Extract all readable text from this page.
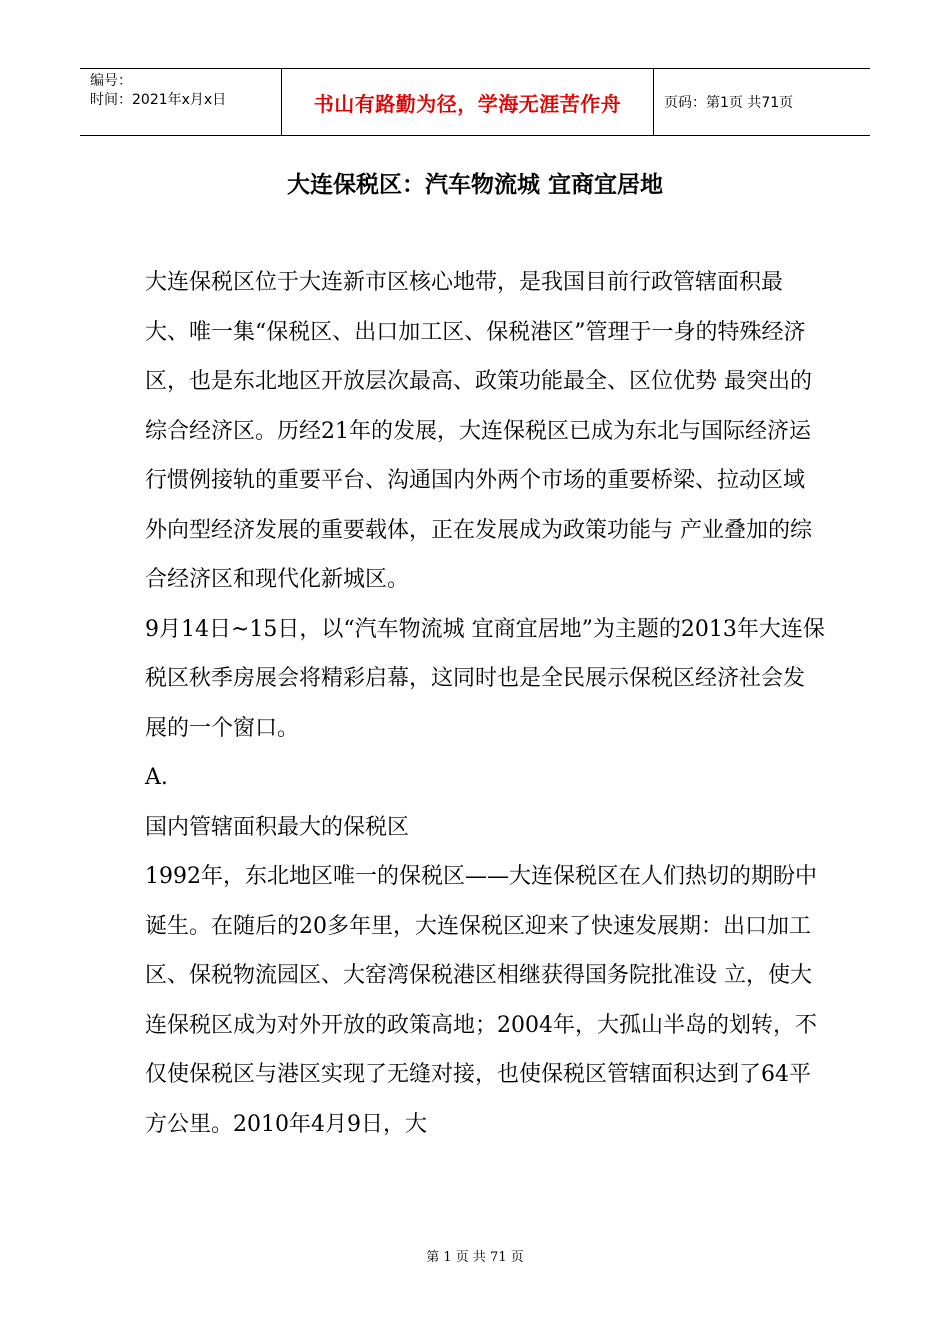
编号：
时间：2021年x月x日	书山有路勤为径，学海无涯苦作舟	页码：第1页 共71页
大连保税区：汽车物流城 宜商宜居地

大连保税区位于大连新市区核心地带，是我国目前行政管辖面积最大、唯一集“保税区、出口加工区、保税港区”管理于一身的特殊经济区，也是东北地区开放层次最高、政策功能最全、区位优势 最突出的综合经济区。历经21年的发展，大连保税区已成为东北与国际经济运行惯例接轨的重要平台、沟通国内外两个市场的重要桥梁、拉动区域外向型经济发展的重要载体，正在发展成为政策功能与 产业叠加的综合经济区和现代化新城区。

9月14日~15日，以“汽车物流城 宜商宜居地”为主题的2013年大连保税区秋季房展会将精彩启幕，这同时也是全民展示保税区经济社会发展的一个窗口。

A.

国内管辖面积最大的保税区

1992年，东北地区唯一的保税区——大连保税区在人们热切的期盼中诞生。在随后的20多年里，大连保税区迎来了快速发展期：出口加工区、保税物流园区、大窑湾保税港区相继获得国务院批准设 立，使大连保税区成为对外开放的政策高地；2004年，大孤山半岛的划转，不仅使保税区与港区实现了无缝对接，也使保税区管辖面积达到了64平方公里。2010年4月9日，大

第 1 页 共 71 页
